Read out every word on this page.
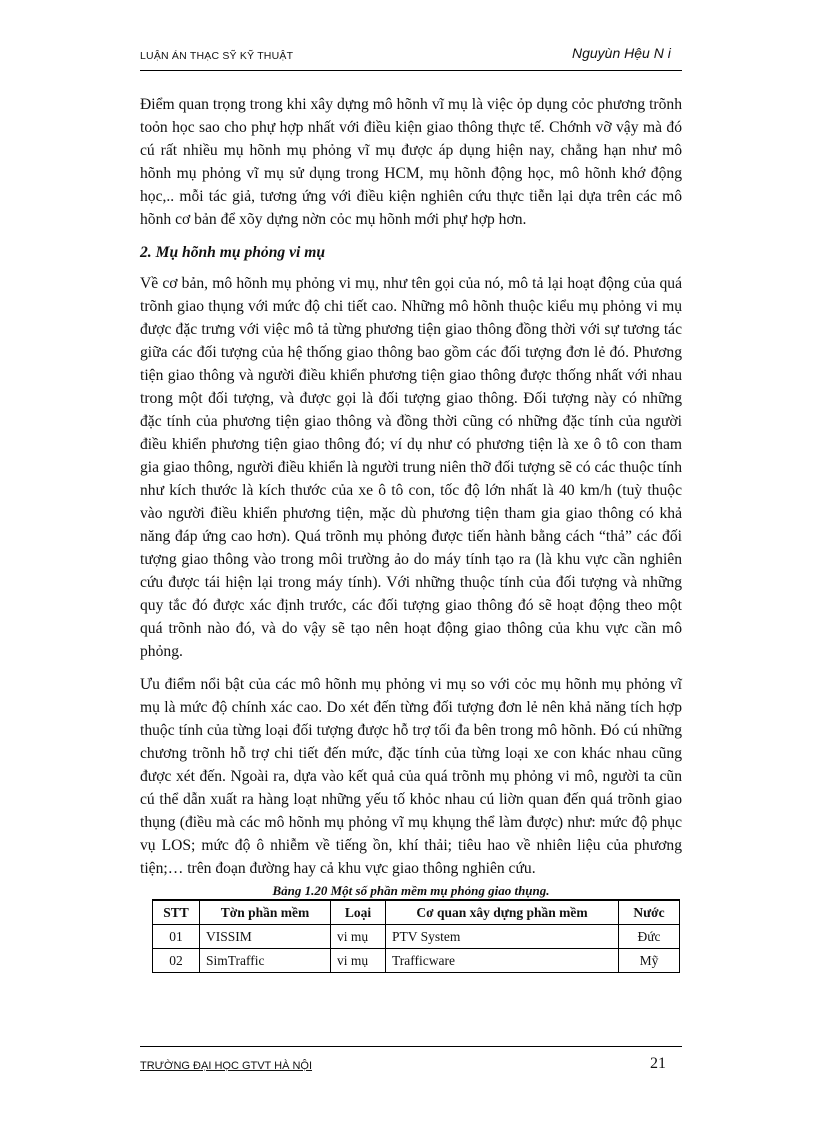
LUẬN ÁN THẠC SỸ KỸ THUẬT	Nguyùn Hệu N i

Điểm quan trọng trong khi xây dựng mô hõnh vĩ mụ là việc ỏp dụng cỏc phương trõnh toỏn học sao cho phự hợp nhất với điều kiện giao thông thực tế. Chớnh vỡ vậy mà đó cú rất nhiều mụ hõnh mụ phỏng vĩ mụ được áp dụng hiện nay, chẳng hạn như mô hõnh mụ phỏng vĩ mụ sử dụng trong HCM, mụ hõnh động học, mô hõnh khớ động học,.. mỗi tác giả, tương ứng với điều kiện nghiên cứu thực tiễn lại dựa trên các mô hõnh cơ bản để xõy dựng nờn cỏc mụ hõnh mới phự hợp hơn.

2. Mụ hõnh mụ phỏng vi mụ

Về cơ bản, mô hõnh mụ phỏng vi mụ, như tên gọi của nó, mô tả lại hoạt động của quá trõnh giao thụng với mức độ chi tiết cao. Những mô hõnh thuộc kiểu mụ phỏng vi mụ được đặc trưng với việc mô tả từng phương tiện giao thông đồng thời với sự tương tác giữa các đối tượng của hệ thống giao thông bao gồm các đối tượng đơn lẻ đó. Phương tiện giao thông và người điều khiển phương tiện giao thông được thống nhất với nhau trong một đối tượng, và được gọi là đối tượng giao thông. Đối tượng này có những đặc tính của phương tiện giao thông và đồng thời cũng có những đặc tính của người điều khiển phương tiện giao thông đó; ví dụ như có phương tiện là xe ô tô con tham gia giao thông, người điều khiển là người trung niên thỡ đối tượng sẽ có các thuộc tính như kích thước là kích thước của xe ô tô con, tốc độ lớn nhất là 40 km/h (tuỳ thuộc vào người điều khiển phương tiện, mặc dù phương tiện tham gia giao thông có khả năng đáp ứng cao hơn). Quá trõnh mụ phỏng được tiến hành bằng cách “thả” các đối tượng giao thông vào trong môi trường ảo do máy tính tạo ra (là khu vực cần nghiên cứu được tái hiện lại trong máy tính). Với những thuộc tính của đối tượng và những quy tắc đó được xác định trước, các đối tượng giao thông đó sẽ hoạt động theo một quá trõnh nào đó, và do vậy sẽ tạo nên hoạt động giao thông của khu vực cần mô phỏng.

Ưu điểm nổi bật của các mô hõnh mụ phỏng vi mụ so với cỏc mụ hõnh mụ phỏng vĩ mụ là mức độ chính xác cao. Do xét đến từng đối tượng đơn lẻ nên khả năng tích hợp thuộc tính của từng loại đối tượng được hỗ trợ tối đa bên trong mô hõnh. Đó cú những chương trõnh hỗ trợ chi tiết đến mức, đặc tính của từng loại xe con khác nhau cũng được xét đến. Ngoài ra, dựa vào kết quả của quá trõnh mụ phỏng vi mô, người ta cũn cú thể dẫn xuất ra hàng loạt những yếu tố khỏc nhau cú liờn quan đến quá trõnh giao thụng (điều mà các mô hõnh mụ phỏng vĩ mụ khụng thể làm được) như: mức độ phục vụ LOS; mức độ ô nhiễm về tiếng ồn, khí thải; tiêu hao về nhiên liệu của phương tiện;… trên đoạn đường hay cả khu vực giao thông nghiên cứu.

Bảng 1.20 Một số phần mềm mụ phỏng giao thụng.
STT	Tờn phần mềm	Loại	Cơ quan xây dựng phần mềm	Nước
01	VISSIM	vi mụ	PTV System	Đức
02	SimTraffic	vi mụ	Trafficware	Mỹ
TRƯỜNG ĐẠI HỌC GTVT HÀ NỘI	21
